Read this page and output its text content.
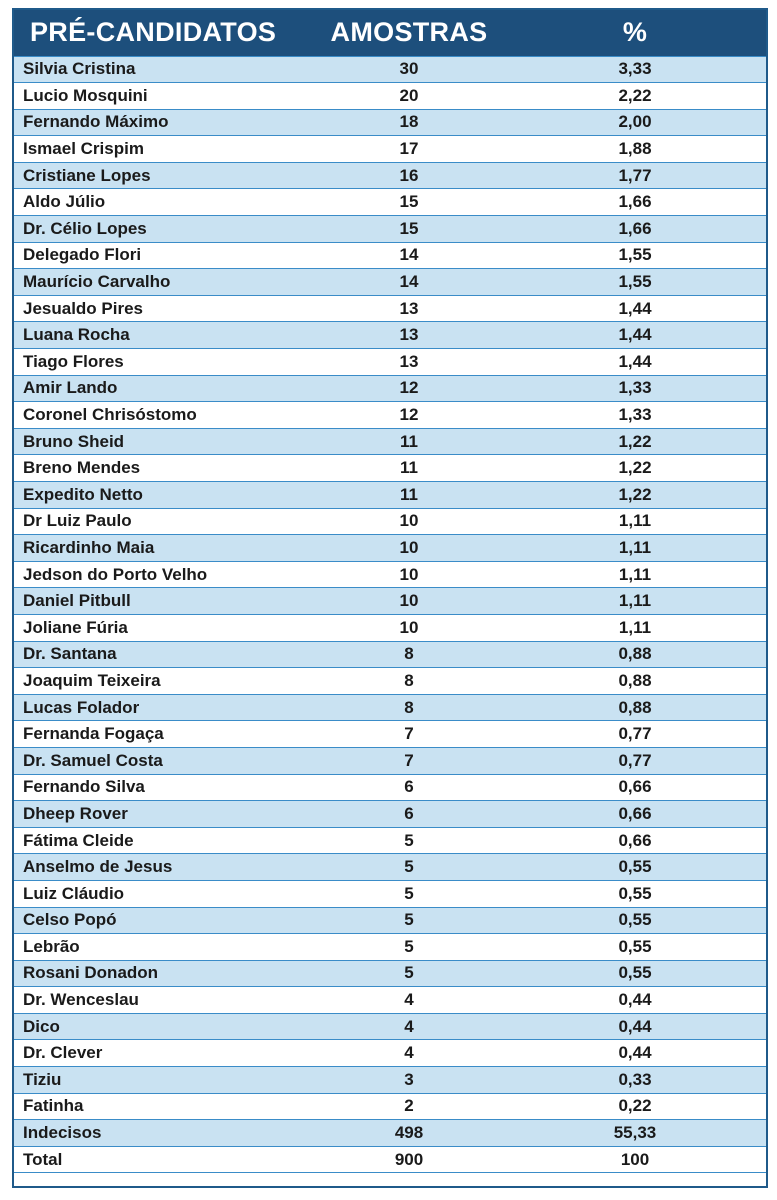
PRÉ-CANDIDATOS	AMOSTRAS	%
Silvia Cristina	30	3,33
Lucio Mosquini	20	2,22
Fernando Máximo	18	2,00
Ismael Crispim	17	1,88
Cristiane Lopes	16	1,77
Aldo Júlio	15	1,66
Dr. Célio Lopes	15	1,66
Delegado Flori	14	1,55
Maurício Carvalho	14	1,55
Jesualdo Pires	13	1,44
Luana Rocha	13	1,44
Tiago Flores	13	1,44
Amir Lando	12	1,33
Coronel Chrisóstomo	12	1,33
Bruno Sheid	11	1,22
Breno Mendes	11	1,22
Expedito Netto	11	1,22
Dr Luiz Paulo	10	1,11
Ricardinho Maia	10	1,11
Jedson do Porto Velho	10	1,11
Daniel Pitbull	10	1,11
Joliane Fúria	10	1,11
Dr. Santana	8	0,88
Joaquim Teixeira	8	0,88
Lucas Folador	8	0,88
Fernanda Fogaça	7	0,77
Dr. Samuel Costa	7	0,77
Fernando Silva	6	0,66
Dheep Rover	6	0,66
Fátima Cleide	5	0,66
Anselmo de Jesus	5	0,55
Luiz Cláudio	5	0,55
Celso Popó	5	0,55
Lebrão	5	0,55
Rosani Donadon	5	0,55
Dr. Wenceslau	4	0,44
Dico	4	0,44
Dr. Clever	4	0,44
Tiziu	3	0,33
Fatinha	2	0,22
Indecisos	498	55,33
Total	900	100
